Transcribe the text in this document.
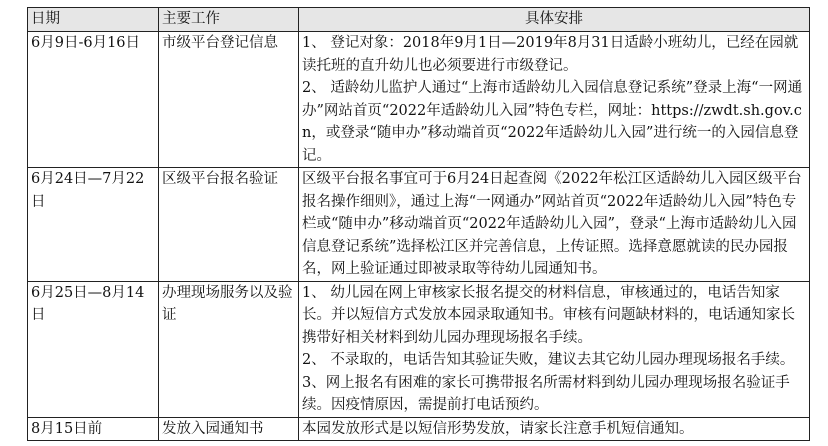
日期	主要工作	具体安排
6月9日-6月16日	市级平台登记信息	1、 登记对象：2018年9月1日—2019年8月31日适龄小班幼儿，已经在园就读托班的直升幼儿也必须要进行市级登记。
2、 适龄幼儿监护人通过“上海市适龄幼儿入园信息登记系统”登录上海“一网通办”网站首页“2022年适龄幼儿入园”特色专栏，网址：https://zwdt.sh.gov.cn，或登录“随申办”移动端首页“2022年适龄幼儿入园”进行统一的入园信息登记。

6月24日—7月22日	区级平台报名验证	区级平台报名事宜可于6月24日起查阅《2022年松江区适龄幼儿入园区级平台报名操作细则》，通过上海“一网通办”网站首页“2022年适龄幼儿入园”特色专栏或“随申办”移动端首页“2022年适龄幼儿入园”，登录“上海市适龄幼儿入园信息登记系统”选择松江区并完善信息，上传证照。选择意愿就读的民办园报名，网上验证通过即被录取等待幼儿园通知书。

6月25日—8月14日	办理现场服务以及验证	1、 幼儿园在网上审核家长报名提交的材料信息，审核通过的，电话告知家长。并以短信方式发放本园录取通知书。审核有问题缺材料的，电话通知家长携带好相关材料到幼儿园办理现场报名手续。
2、 不录取的，电话告知其验证失败，建议去其它幼儿园办理现场报名手续。
3、网上报名有困难的家长可携带报名所需材料到幼儿园办理现场报名验证手续。因疫情原因，需提前打电话预约。

8月15日前	发放入园通知书	本园发放形式是以短信形势发放，请家长注意手机短信通知。
